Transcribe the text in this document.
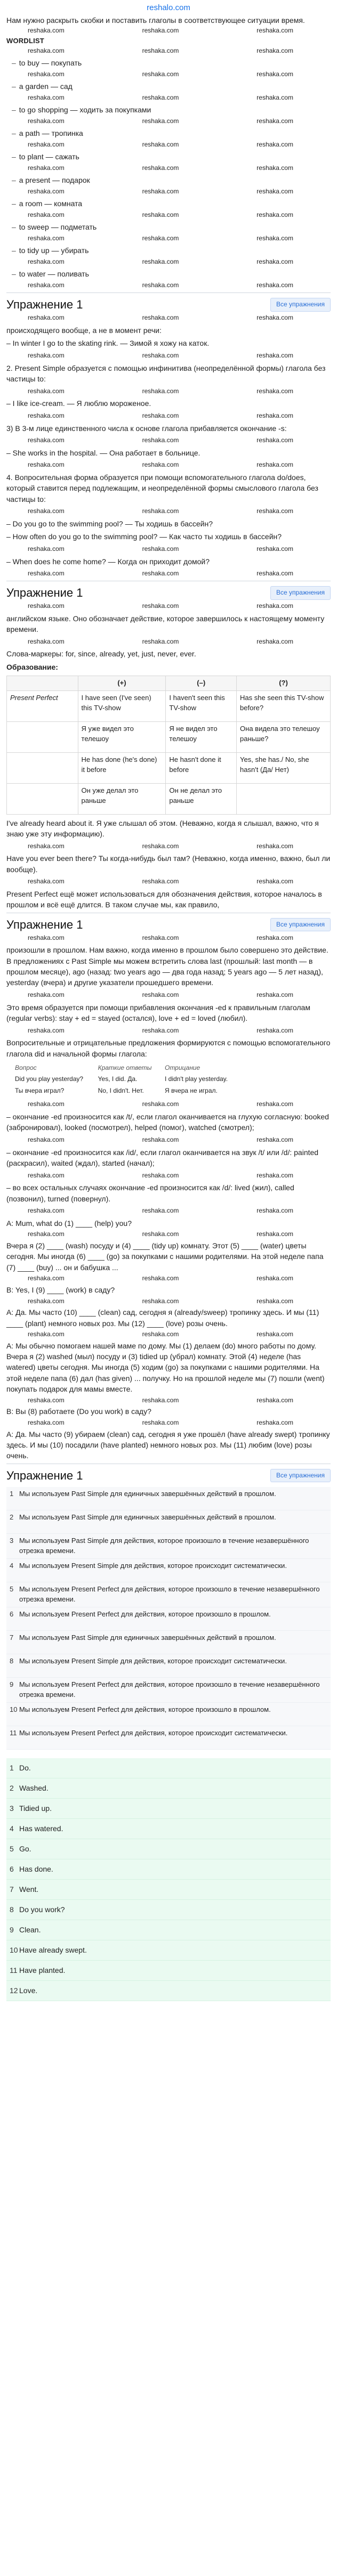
reshalo.com

Нам нужно раскрыть скобки и поставить глаголы в соответствующее ситуации время.

reshaka.com	reshaka.com	reshaka.com
WORDLIST
reshaka.com	reshaka.com	reshaka.com
– to buy — покупать
reshaka.com	reshaka.com	reshaka.com
– a garden — сад
reshaka.com	reshaka.com	reshaka.com
– to go shopping — ходить за покупками
reshaka.com	reshaka.com	reshaka.com
– a path — тропинка
reshaka.com	reshaka.com	reshaka.com
– to plant — сажать
reshaka.com	reshaka.com	reshaka.com
– a present — подарок
reshaka.com	reshaka.com	reshaka.com
– a room — комната
reshaka.com	reshaka.com	reshaka.com
– to sweep — подметать
reshaka.com	reshaka.com	reshaka.com
– to tidy up — убирать
reshaka.com	reshaka.com	reshaka.com
– to water — поливать
reshaka.com	reshaka.com	reshaka.com
Упражнение 1	Все упражнения
reshaka.com	reshaka.com	reshaka.com

происходящего вообще, а не в момент речи:

– In winter I go to the skating rink. — Зимой я хожу на каток.

reshaka.com	reshaka.com	reshaka.com

2. Present Simple образуется с помощью инфинитива (неопределённой формы) глагола без частицы to:

reshaka.com	reshaka.com	reshaka.com

– I like ice-cream. — Я люблю мороженое.

reshaka.com	reshaka.com	reshaka.com

3) В 3-м лице единственного числа к основе глагола прибавляется окончание -s:

reshaka.com	reshaka.com	reshaka.com

– She works in the hospital. — Она работает в больнице.

reshaka.com	reshaka.com	reshaka.com

4. Вопросительная форма образуется при помощи вспомогательного глагола do/does, который ставится перед подлежащим, и неопределённой формы смыслового глагола без частицы to:

reshaka.com	reshaka.com	reshaka.com

– Do you go to the swimming pool? — Ты ходишь в бассейн?

– How often do you go to the swimming pool? — Как часто ты ходишь в бассейн?

reshaka.com	reshaka.com	reshaka.com

– When does he come home? — Когда он приходит домой?

reshaka.com	reshaka.com	reshaka.com
Упражнение 1	Все упражнения
reshaka.com	reshaka.com	reshaka.com

английском языке. Оно обозначает действие, которое завершилось к настоящему моменту времени.

reshaka.com	reshaka.com	reshaka.com

Слова-маркеры: for, since, already, yet, just, never, ever.

Образование:

	(+)	(–)	(?)
Present Perfect	I have seen (I've seen) this TV-show	I haven't seen this TV-show	Has she seen this TV-show before?
	Я уже видел это телешоу	Я не видел это телешоу	Она видела это телешоу раньше?
	He has done (he's done) it before	He hasn't done it before	Yes, she has./ No, she hasn't (Да/ Нет)
	Он уже делал это раньше	Он не делал это раньше	

I've already heard about it. Я уже слышал об этом. (Неважно, когда я слышал, важно, что я знаю уже эту информацию).

reshaka.com	reshaka.com	reshaka.com

Have you ever been there? Ты когда-нибудь был там? (Неважно, когда именно, важно, был ли вообще).

reshaka.com	reshaka.com	reshaka.com

Present Perfect ещё может использоваться для обозначения действия, которое началось в прошлом и всё ещё длится. В таком случае мы, как правило,

Упражнение 1	Все упражнения
reshaka.com	reshaka.com	reshaka.com

произошли в прошлом. Нам важно, когда именно в прошлом было совершено это действие. В предложениях с Past Simple мы можем встретить слова last (прошлый: last month — в прошлом месяце), ago (назад: two years ago — два года назад; 5 years ago — 5 лет назад), yesterday (вчера) и другие указатели прошедшего времени.

reshaka.com	reshaka.com	reshaka.com

Это время образуется при помощи прибавления окончания -ed к правильным глаголам (regular verbs): stay + ed = stayed (остался), love + ed = loved (любил).

reshaka.com	reshaka.com	reshaka.com

Вопросительные и отрицательные предложения формируются с помощью вспомогательного глагола did и начальной формы глагола:

Вопрос	Краткие ответы	Отрицание
Did you play yesterday?	Yes, I did. Да.	I didn't play yesterday.
Ты вчера играл?	No, I didn't. Нет.	Я вчера не играл.
reshaka.com	reshaka.com	reshaka.com

– окончание -ed произносится как /t/, если глагол оканчивается на глухую согласную: booked (забронировал), looked (посмотрел), helped (помог), watched (смотрел);

reshaka.com	reshaka.com	reshaka.com

– окончание -ed произносится как /id/, если глагол оканчивается на звук /t/ или /d/: painted (раскрасил), waited (ждал), started (начал);

reshaka.com	reshaka.com	reshaka.com

– во всех остальных случаях окончание -ed произносится как /d/: lived (жил), called (позвонил), turned (повернул).

reshaka.com	reshaka.com	reshaka.com

A: Mum, what do (1) ____ (help) you?

reshaka.com	reshaka.com	reshaka.com

Вчера я (2) ____ (wash) посуду и (4) ____ (tidy up) комнату. Этот (5) ____ (water) цветы сегодня. Мы иногда (6) ____ (go) за покупками с нашими родителями. На этой неделе папа (7) ____ (buy) ... он и бабушка ...

reshaka.com	reshaka.com	reshaka.com

B: Yes, I (9) ____ (work) в саду?

reshaka.com	reshaka.com	reshaka.com

A: Да. Мы часто (10) ____ (clean) сад, сегодня я (already/sweep) тропинку здесь. И мы (11) ____ (plant) немного новых роз. Мы (12) ____ (love) розы очень.

reshaka.com	reshaka.com	reshaka.com

A: Мы обычно помогаем нашей маме по дому. Мы (1) делаем (do) много работы по дому. Вчера я (2) washed (мыл) посуду и (3) tidied up (убрал) комнату. Этой (4) неделе (has watered) цветы сегодня. Мы иногда (5) ходим (go) за покупками с нашими родителями. На этой неделе папа (6) дал (has given) ... получку. Но на прошлой неделе мы (7) пошли (went) покупать подарок для мамы вместе.

reshaka.com	reshaka.com	reshaka.com

B: Вы (8) работаете (Do you work) в саду?

reshaka.com	reshaka.com	reshaka.com

A: Да. Мы часто (9) убираем (clean) сад, сегодня я уже прошёл (have already swept) тропинку здесь. И мы (10) посадили (have planted) немного новых роз. Мы (11) любим (love) розы очень.

Упражнение 1	Все упражнения
1 Мы используем Past Simple для единичных завершённых действий в прошлом.
2 Мы используем Past Simple для единичных завершённых действий в прошлом.
3 Мы используем Past Simple для действия, которое произошло в течение незавершённого отрезка времени.
4 Мы используем Present Simple для действия, которое происходит систематически.
5 Мы используем Present Perfect для действия, которое произошло в течение незавершённого отрезка времени.
6 Мы используем Present Perfect для действия, которое произошло в прошлом.
7 Мы используем Past Simple для единичных завершённых действий в прошлом.
8 Мы используем Present Simple для действия, которое происходит систематически.
9 Мы используем Present Perfect для действия, которое произошло в течение незавершённого отрезка времени.
10 Мы используем Present Perfect для действия, которое произошло в прошлом.
11 Мы используем Present Perfect для действия, которое происходит систематически.
1 Do.
2 Washed.
3 Tidied up.
4 Has watered.
5 Go.
6 Has done.
7 Went.
8 Do you work?
9 Clean.
10 Have already swept.
11 Have planted.
12 Love.
